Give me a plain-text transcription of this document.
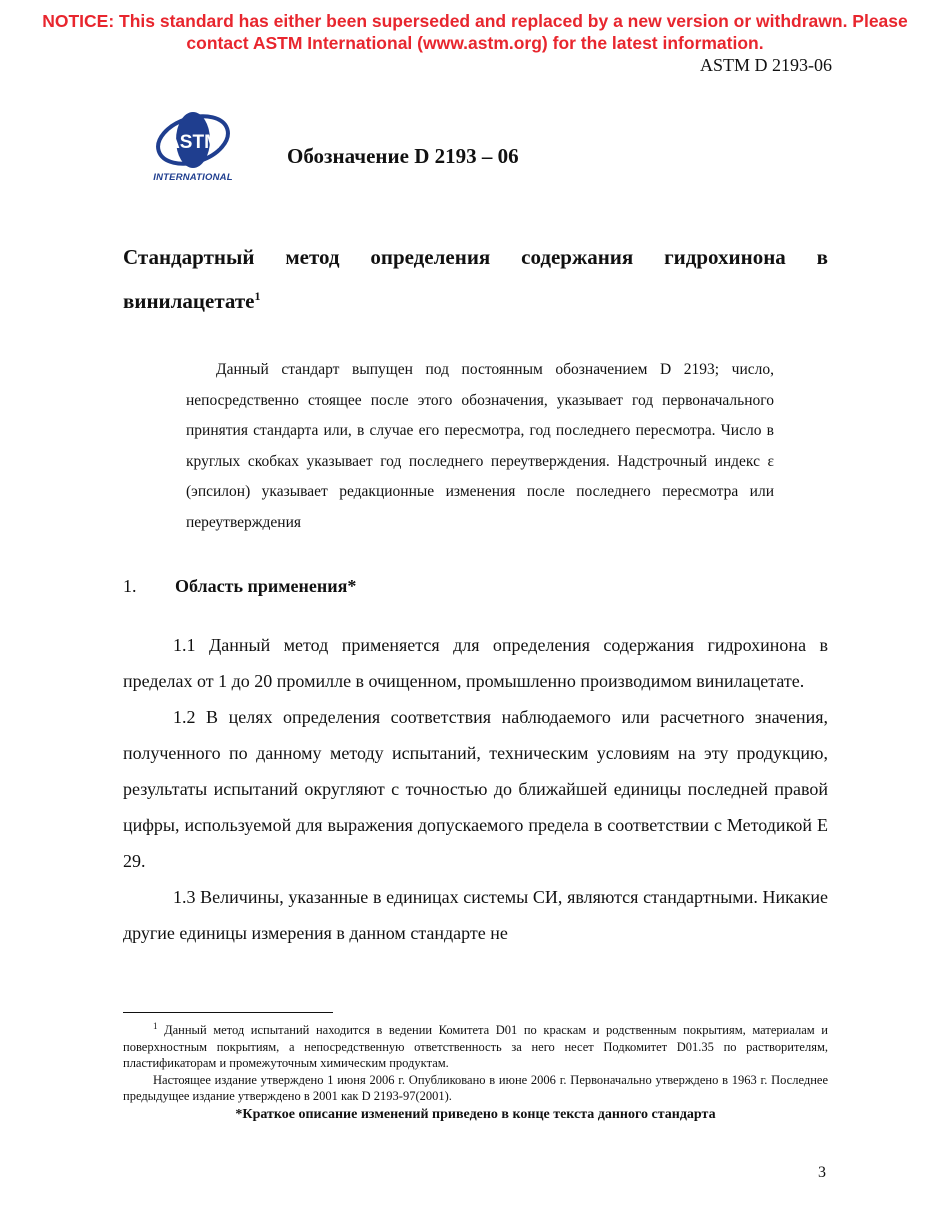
NOTICE: This standard has either been superseded and replaced by a new version or withdrawn. Please
contact ASTM International (www.astm.org) for the latest information.
ASTM D 2193-06
ASTM
INTERNATIONAL
Обозначение D 2193 – 06
Стандартный метод определения содержания гидрохинона в винилацетате$^1$
Данный стандарт выпущен под постоянным обозначением D 2193; число, непосредственно стоящее после этого обозначения, указывает год первоначального принятия стандарта или, в случае его пересмотра, год последнего пересмотра. Число в круглых скобках указывает год последнего переутверждения. Надстрочный индекс ε (эпсилон) указывает редакционные изменения после последнего пересмотра или переутверждения
1. Область применения*

1.1 Данный метод применяется для определения содержания гидрохинона в пределах от 1 до 20 промилле в очищенном, промышленно производимом винилацетате.

1.2 В целях определения соответствия наблюдаемого или расчетного значения, полученного по данному методу испытаний, техническим условиям на эту продукцию, результаты испытаний округляют с точностью до ближайшей единицы последней правой цифры, используемой для выражения допускаемого предела в соответствии с Методикой E 29.

1.3 Величины, указанные в единицах системы СИ, являются стандартными. Никакие другие единицы измерения в данном стандарте не

$^1$ Данный метод испытаний находится в ведении Комитета D01 по краскам и родственным покрытиям, материалам и поверхностным покрытиям, а непосредственную ответственность за него несет Подкомитет D01.35 по растворителям, пластификаторам и промежуточным химическим продуктам.

Настоящее издание утверждено 1 июня 2006 г. Опубликовано в июне 2006 г. Первоначально утверждено в 1963 г. Последнее предыдущее издание утверждено в 2001 как D 2193-97(2001).

*Краткое описание изменений приведено в конце текста данного стандарта

3
